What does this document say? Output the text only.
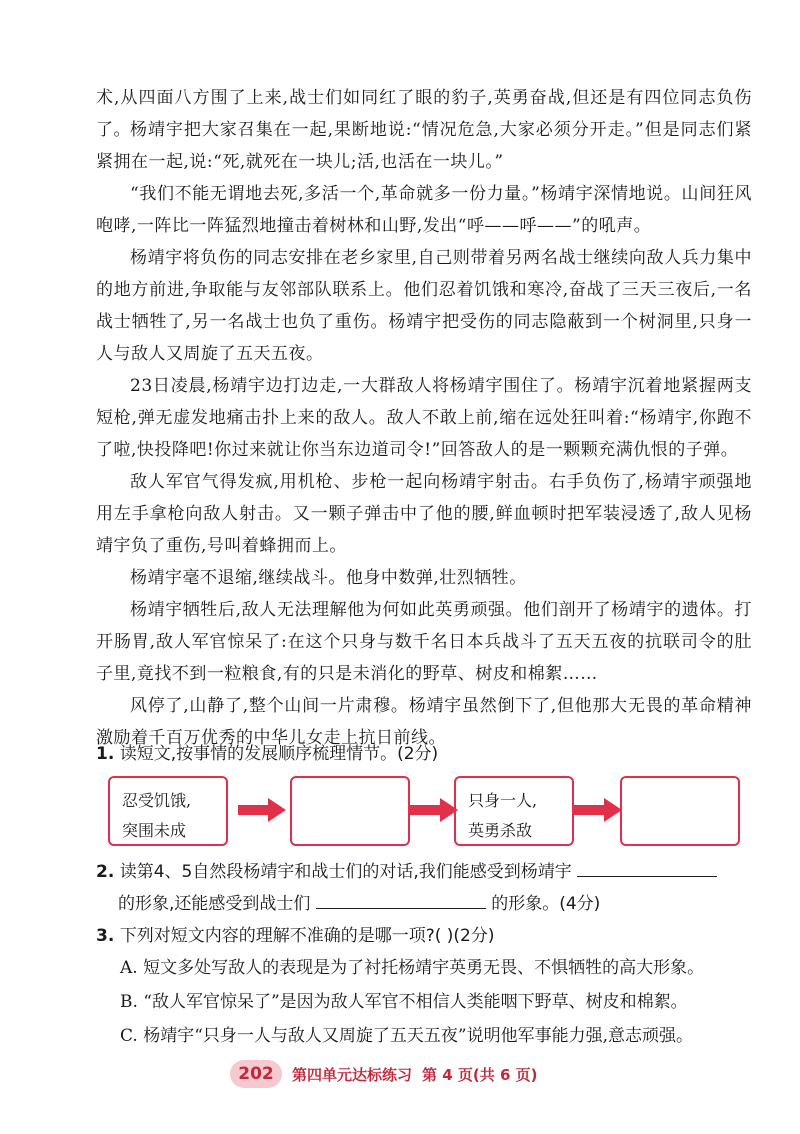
术,从四面八方围了上来,战士们如同红了眼的豹子,英勇奋战,但还是有四位同志负伤了。 杨靖宇把大家召集在一起,果断地说:“情况危急,大家必须分开走。”但是同志们紧紧拥在一起,说:“死,就死在一块儿;活,也活在一块儿。”

“我们不能无谓地去死,多活一个,革命就多一份力量。”杨靖宇深情地说。山间狂风咆哮,一阵比一阵猛烈地撞击着树林和山野,发出“呼——呼——”的吼声。

杨靖宇将负伤的同志安排在老乡家里,自己则带着另两名战士继续向敌人兵力集中的地方前进,争取能与友邻部队联系上。他们忍着饥饿和寒冷,奋战了三天三夜后,一名战士牺牲了,另一名战士也负了重伤。杨靖宇把受伤的同志隐蔽到一个树洞里,只身一人与敌人又周旋了五天五夜。

23日凌晨,杨靖宇边打边走,一大群敌人将杨靖宇围住了。杨靖宇沉着地紧握两支短枪,弹无虚发地痛击扑上来的敌人。敌人不敢上前,缩在远处狂叫着:“杨靖宇,你跑不了啦,快投降吧!你过来就让你当东边道司令!”回答敌人的是一颗颗充满仇恨的子弹。

敌人军官气得发疯,用机枪、步枪一起向杨靖宇射击。右手负伤了,杨靖宇顽强地用左手拿枪向敌人射击。又一颗子弹击中了他的腰,鲜血顿时把军装浸透了,敌人见杨靖宇负了重伤,号叫着蜂拥而上。

杨靖宇毫不退缩,继续战斗。他身中数弹,壮烈牺牲。

杨靖宇牺牲后,敌人无法理解他为何如此英勇顽强。他们剖开了杨靖宇的遗体。打开肠胃,敌人军官惊呆了:在这个只身与数千名日本兵战斗了五天五夜的抗联司令的肚子里,竟找不到一粒粮食,有的只是未消化的野草、树皮和棉絮……

风停了,山静了,整个山间一片肃穆。杨靖宇虽然倒下了,但他那大无畏的革命精神激励着千百万优秀的中华儿女走上抗日前线。

1. 读短文,按事情的发展顺序梳理情节。(2分)

忍受饥饿,
突围未成
只身一人,
英勇杀敌

2. 读第4、5自然段杨靖宇和战士们的对话,我们能感受到杨靖宇

的形象,还能感受到战士们	的形象。(4分)

3. 下列对短文内容的理解不准确的是哪一项?( )(2分)

A. 短文多处写敌人的表现是为了衬托杨靖宇英勇无畏、不惧牺牲的高大形象。

B. “敌人军官惊呆了”是因为敌人军官不相信人类能咽下野草、树皮和棉絮。

C. 杨靖宇“只身一人与敌人又周旋了五天五夜”说明他军事能力强,意志顽强。

202	第四单元达标练习 第 4 页(共 6 页)
